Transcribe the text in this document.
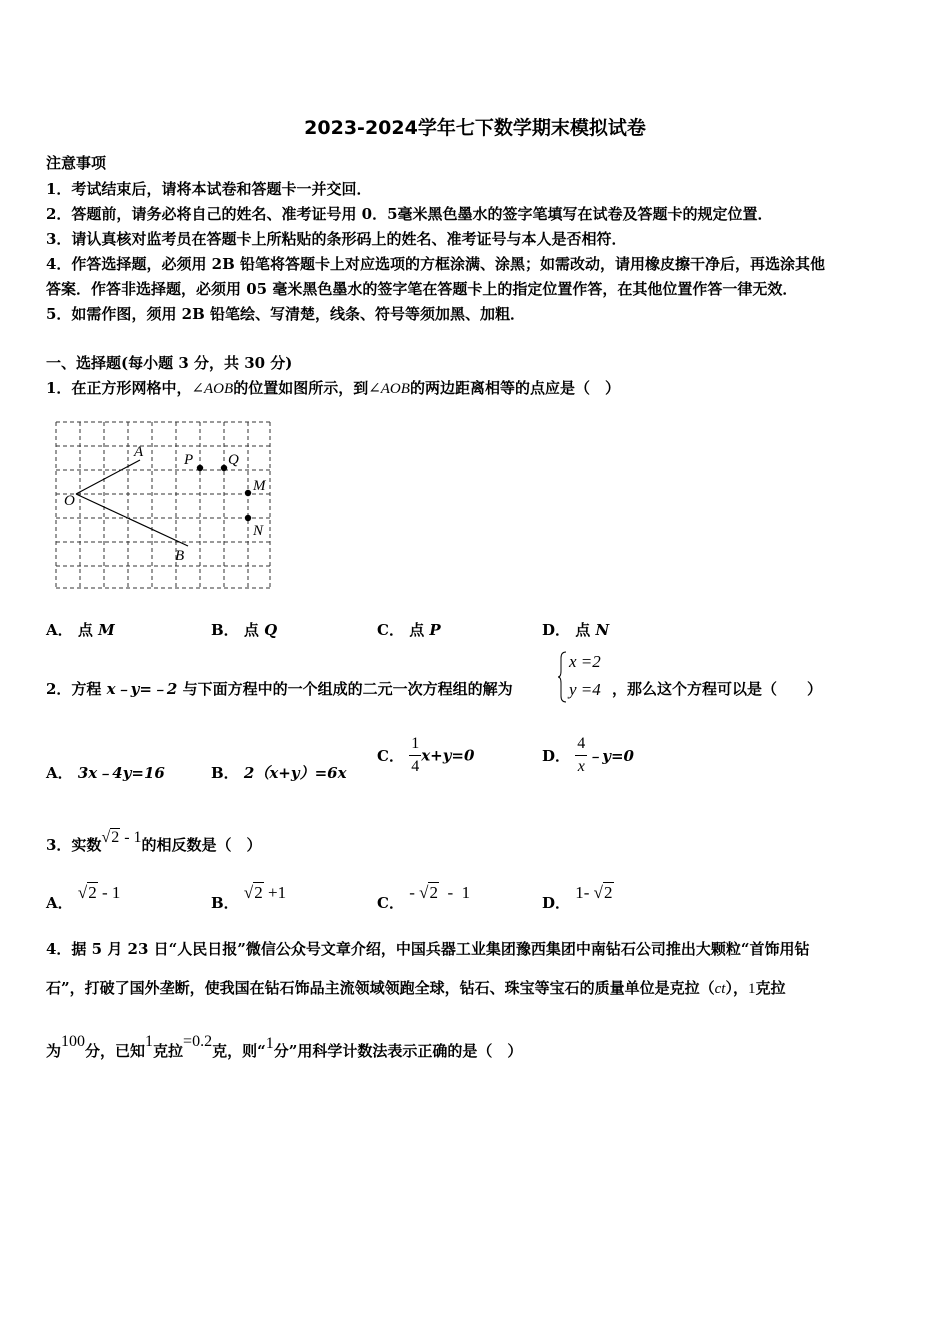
2023-2024学年七下数学期末模拟试卷
注意事项
1．考试结束后，请将本试卷和答题卡一并交回．
2．答题前，请务必将自己的姓名、准考证号用 0．5毫米黑色墨水的签字笔填写在试卷及答题卡的规定位置．
3．请认真核对监考员在答题卡上所粘贴的条形码上的姓名、准考证号与本人是否相符．
4．作答选择题，必须用 2B 铅笔将答题卡上对应选项的方框涂满、涂黑；如需改动，请用橡皮擦干净后，再选涂其他
答案．作答非选择题，必须用 05 毫米黑色墨水的签字笔在答题卡上的指定位置作答，在其他位置作答一律无效．
5．如需作图，须用 2B 铅笔绘、写清楚，线条、符号等须加黑、加粗．
一、选择题(每小题 3 分，共 30 分)
1．在正方形网格中，∠AOB的位置如图所示，到∠AOB的两边距离相等的点应是（　）
A
O
B
P Q
M
N
A． 点 M	B． 点 Q	C． 点 P	D． 点 N
2．方程 x﹣y=﹣2 与下面方程中的一个组成的二元一次方程组的解为
x =2
y =4 ，那么这个方程可以是（　　）
A． 3x﹣4y=16	B． 2（x+y）=6x
C． $\frac{1}{4} x+y=0$	D． $\frac{4}{x}$ ﹣y=0
3．实数√2 - 1的相反数是（　）
A． √2 - 1
B． √2 +1
C． - √2  -  1
D． 1- √2
4．据 5 月 23 日“人民日报”微信公众号文章介绍，中国兵器工业集团豫西集团中南钻石公司推出大颗粒“首饰用钻
石”，打破了国外垄断，使我国在钻石饰品主流领域领跑全球，钻石、珠宝等宝石的质量单位是克拉（ct），1克拉
为100分，已知1克拉=0.2克，则“1分”用科学计数法表示正确的是（　）
